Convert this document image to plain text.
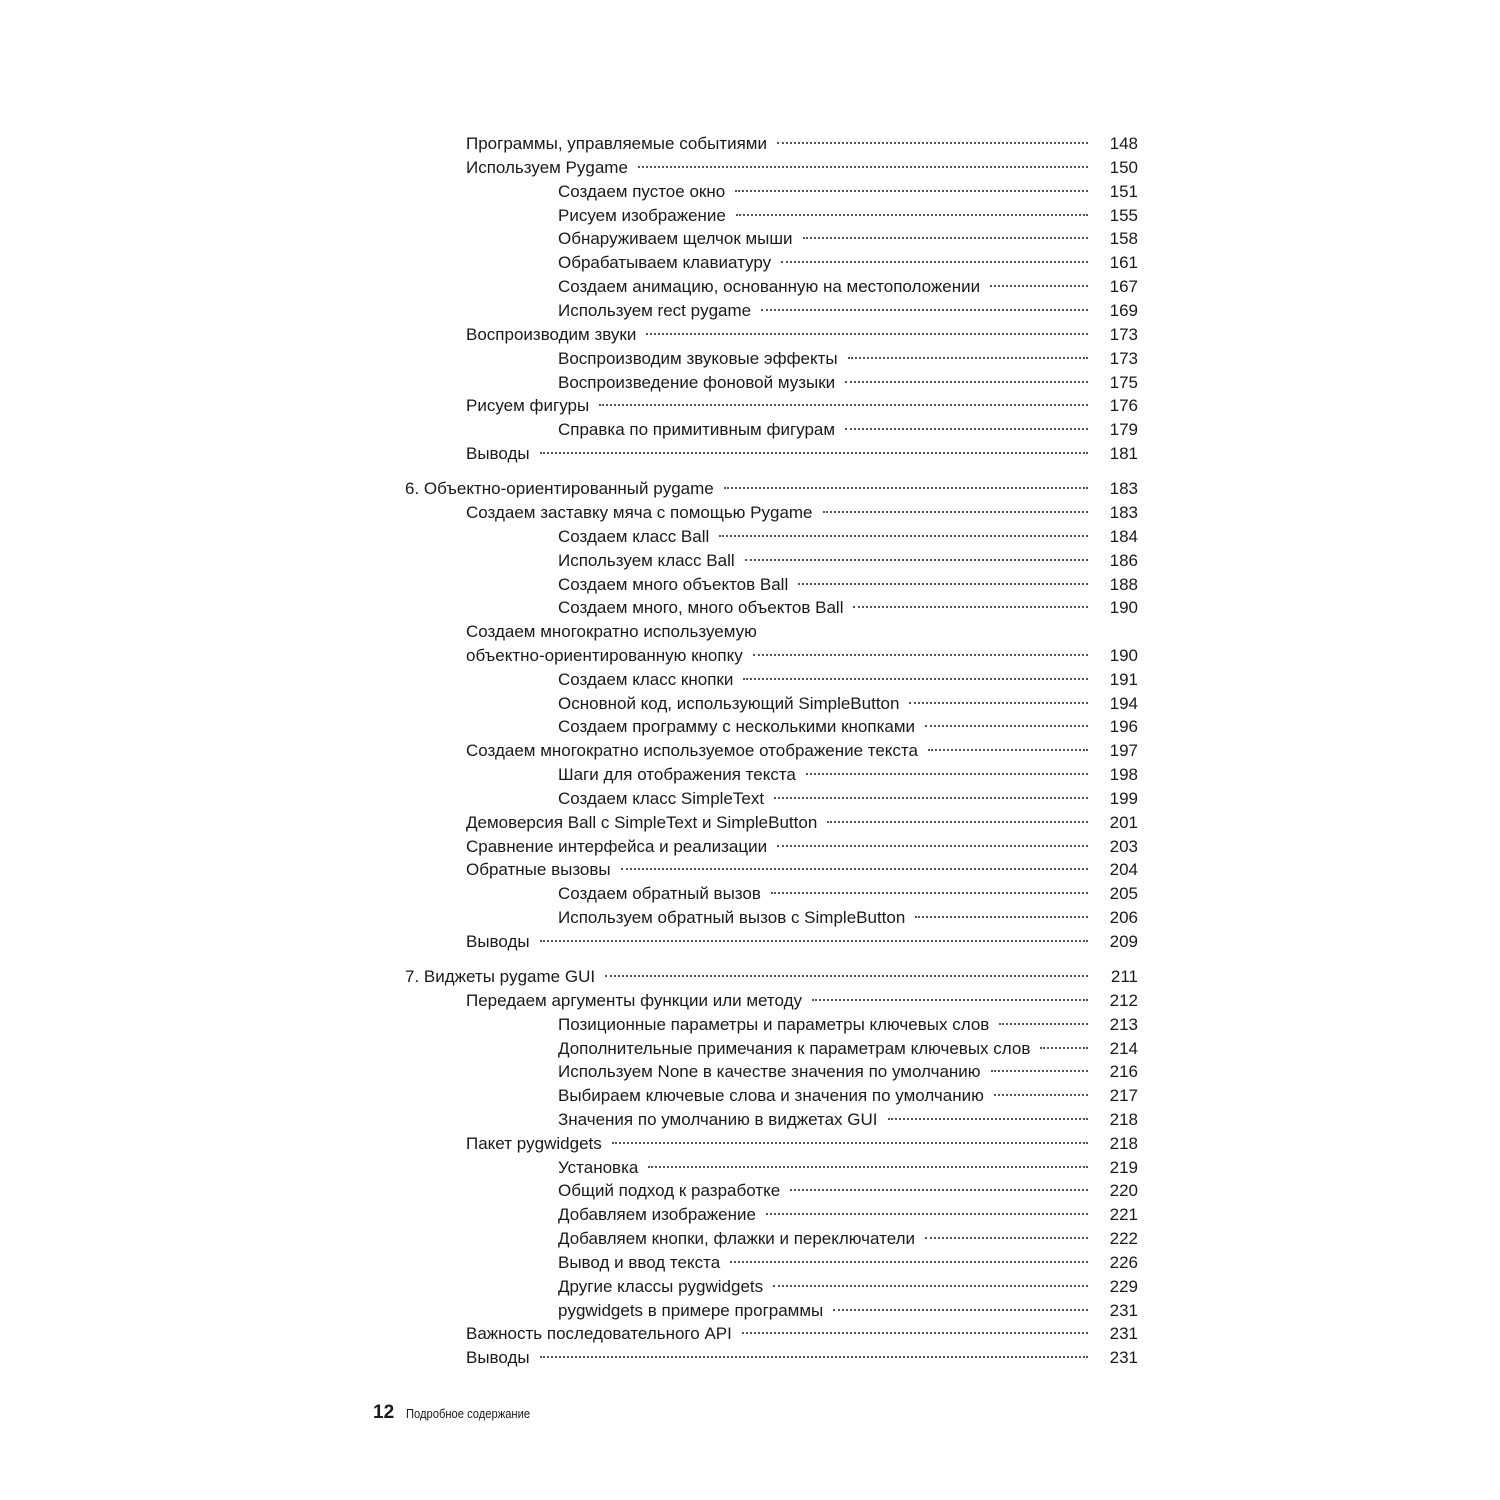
Программы, управляемые событиями	148
Используем Pygame	150
Создаем пустое окно	151
Рисуем изображение	155
Обнаруживаем щелчок мыши	158
Обрабатываем клавиатуру	161
Создаем анимацию, основанную на местоположении	167
Используем rect pygame	169
Воспроизводим звуки	173
Воспроизводим звуковые эффекты	173
Воспроизведение фоновой музыки	175
Рисуем фигуры	176
Справка по примитивным фигурам	179
Выводы	181
6. Объектно-ориентированный pygame	183
Создаем заставку мяча с помощью Pygame	183
Создаем класс Ball	184
Используем класс Ball	186
Создаем много объектов Ball	188
Создаем много, много объектов Ball	190
Создаем многократно используемую
объектно-ориентированную кнопку	190
Создаем класс кнопки	191
Основной код, использующий SimpleButton	194
Создаем программу с несколькими кнопками	196
Создаем многократно используемое отображение текста	197
Шаги для отображения текста	198
Создаем класс SimpleText	199
Демоверсия Ball с SimpleText и SimpleButton	201
Сравнение интерфейса и реализации	203
Обратные вызовы	204
Создаем обратный вызов	205
Используем обратный вызов с SimpleButton	206
Выводы	209
7. Виджеты pygame GUI	211
Передаем аргументы функции или методу	212
Позиционные параметры и параметры ключевых слов	213
Дополнительные примечания к параметрам ключевых слов	214
Используем None в качестве значения по умолчанию	216
Выбираем ключевые слова и значения по умолчанию	217
Значения по умолчанию в виджетах GUI	218
Пакет pygwidgets	218
Установка	219
Общий подход к разработке	220
Добавляем изображение	221
Добавляем кнопки, флажки и переключатели	222
Вывод и ввод текста	226
Другие классы pygwidgets	229
pygwidgets в примере программы	231
Важность последовательного API	231
Выводы	231
12 Подробное содержание
